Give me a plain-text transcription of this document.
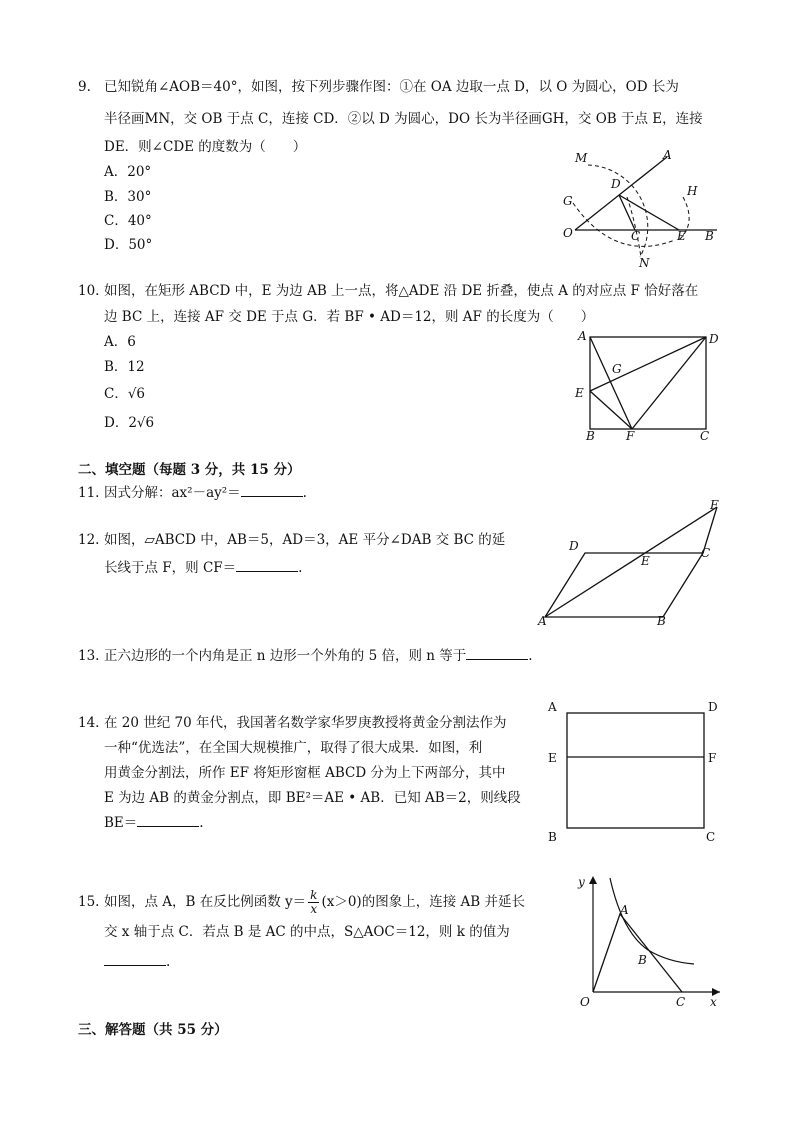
9. 已知锐角∠AOB＝40°，如图，按下列步骤作图：①在 OA 边取一点 D，以 O 为圆心，OD 长为
半径画MN，交 OB 于点 C，连接 CD．②以 D 为圆心，DO 长为半径画GH，交 OB 于点 E，连接
DE．则∠CDE 的度数为（　　）
A．20°
B．30°
C．40°
D．50°
M	A
D	H
G
O	C	E B
N
10. 如图，在矩形 ABCD 中，E 为边 AB 上一点，将△ADE 沿 DE 折叠，使点 A 的对应点 F 恰好落在
边 BC 上，连接 AF 交 DE 于点 G．若 BF • AD＝12，则 AF 的长度为（　　）
A．6
B．12
C．√6
D．2√6
A	D
G
E
B	F	C
二、填空题（每题 3 分，共 15 分）
11. 因式分解：ax²－ay²＝	.
12. 如图，▱ABCD 中，AB＝5，AD＝3，AE 平分∠DAB 交 BC 的延
长线于点 F，则 CF＝	.
D	C
E
F
A	B
13. 正六边形的一个内角是正 n 边形一个外角的 5 倍，则 n 等于	.
14. 在 20 世纪 70 年代，我国著名数学家华罗庚教授将黄金分割法作为
一种“优选法”，在全国大规模推广，取得了很大成果．如图，利
用黄金分割法，所作 EF 将矩形窗框 ABCD 分为上下两部分，其中
E 为边 AB 的黄金分割点，即 BE²＝AE • AB．已知 AB＝2，则线段
BE＝	.
A	D
E	F
B	C
15. 如图，点 A，B 在反比例函数 $y= \frac{k}{x} (x>0)$的图象上，连接 AB 并延长
交 x 轴于点 C．若点 B 是 AC 的中点，S△AOC＝12，则 k 的值为
.
y
x
A
B
O	C
三、解答题（共 55 分）
